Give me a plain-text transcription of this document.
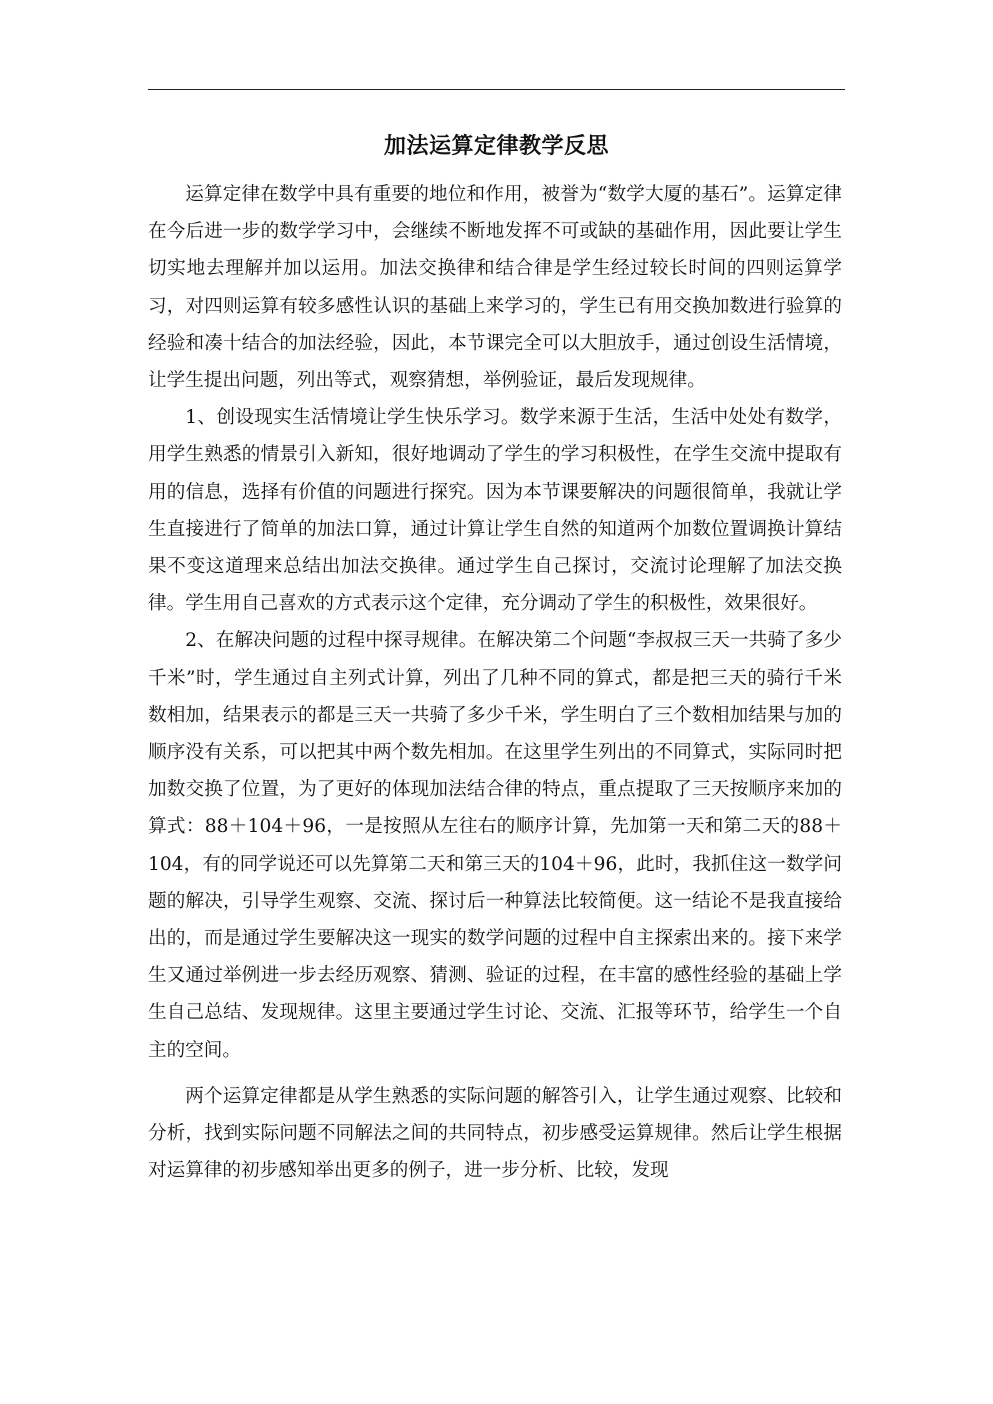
加法运算定律教学反思

运算定律在数学中具有重要的地位和作用，被誉为“数学大厦的基石”。运算定律在今后进一步的数学学习中，会继续不断地发挥不可或缺的基础作用，因此要让学生切实地去理解并加以运用。加法交换律和结合律是学生经过较长时间的四则运算学习，对四则运算有较多感性认识的基础上来学习的，学生已有用交换加数进行验算的经验和凑十结合的加法经验，因此，本节课完全可以大胆放手，通过创设生活情境，让学生提出问题，列出等式，观察猜想，举例验证，最后发现规律。

1、创设现实生活情境让学生快乐学习。数学来源于生活，生活中处处有数学，用学生熟悉的情景引入新知，很好地调动了学生的学习积极性，在学生交流中提取有用的信息，选择有价值的问题进行探究。因为本节课要解决的问题很简单，我就让学生直接进行了简单的加法口算，通过计算让学生自然的知道两个加数位置调换计算结果不变这道理来总结出加法交换律。通过学生自己探讨，交流讨论理解了加法交换律。学生用自己喜欢的方式表示这个定律，充分调动了学生的积极性，效果很好。

2、在解决问题的过程中探寻规律。在解决第二个问题“李叔叔三天一共骑了多少千米”时，学生通过自主列式计算，列出了几种不同的算式，都是把三天的骑行千米数相加，结果表示的都是三天一共骑了多少千米，学生明白了三个数相加结果与加的顺序没有关系，可以把其中两个数先相加。在这里学生列出的不同算式，实际同时把加数交换了位置，为了更好的体现加法结合律的特点，重点提取了三天按顺序来加的算式：88＋104＋96，一是按照从左往右的顺序计算，先加第一天和第二天的88＋104，有的同学说还可以先算第二天和第三天的104＋96，此时，我抓住这一数学问题的解决，引导学生观察、交流、探讨后一种算法比较简便。这一结论不是我直接给出的，而是通过学生要解决这一现实的数学问题的过程中自主探索出来的。接下来学生又通过举例进一步去经历观察、猜测、验证的过程，在丰富的感性经验的基础上学生自己总结、发现规律。这里主要通过学生讨论、交流、汇报等环节，给学生一个自主的空间。

两个运算定律都是从学生熟悉的实际问题的解答引入，让学生通过观察、比较和分析，找到实际问题不同解法之间的共同特点，初步感受运算规律。然后让学生根据对运算律的初步感知举出更多的例子，进一步分析、比较，发现
